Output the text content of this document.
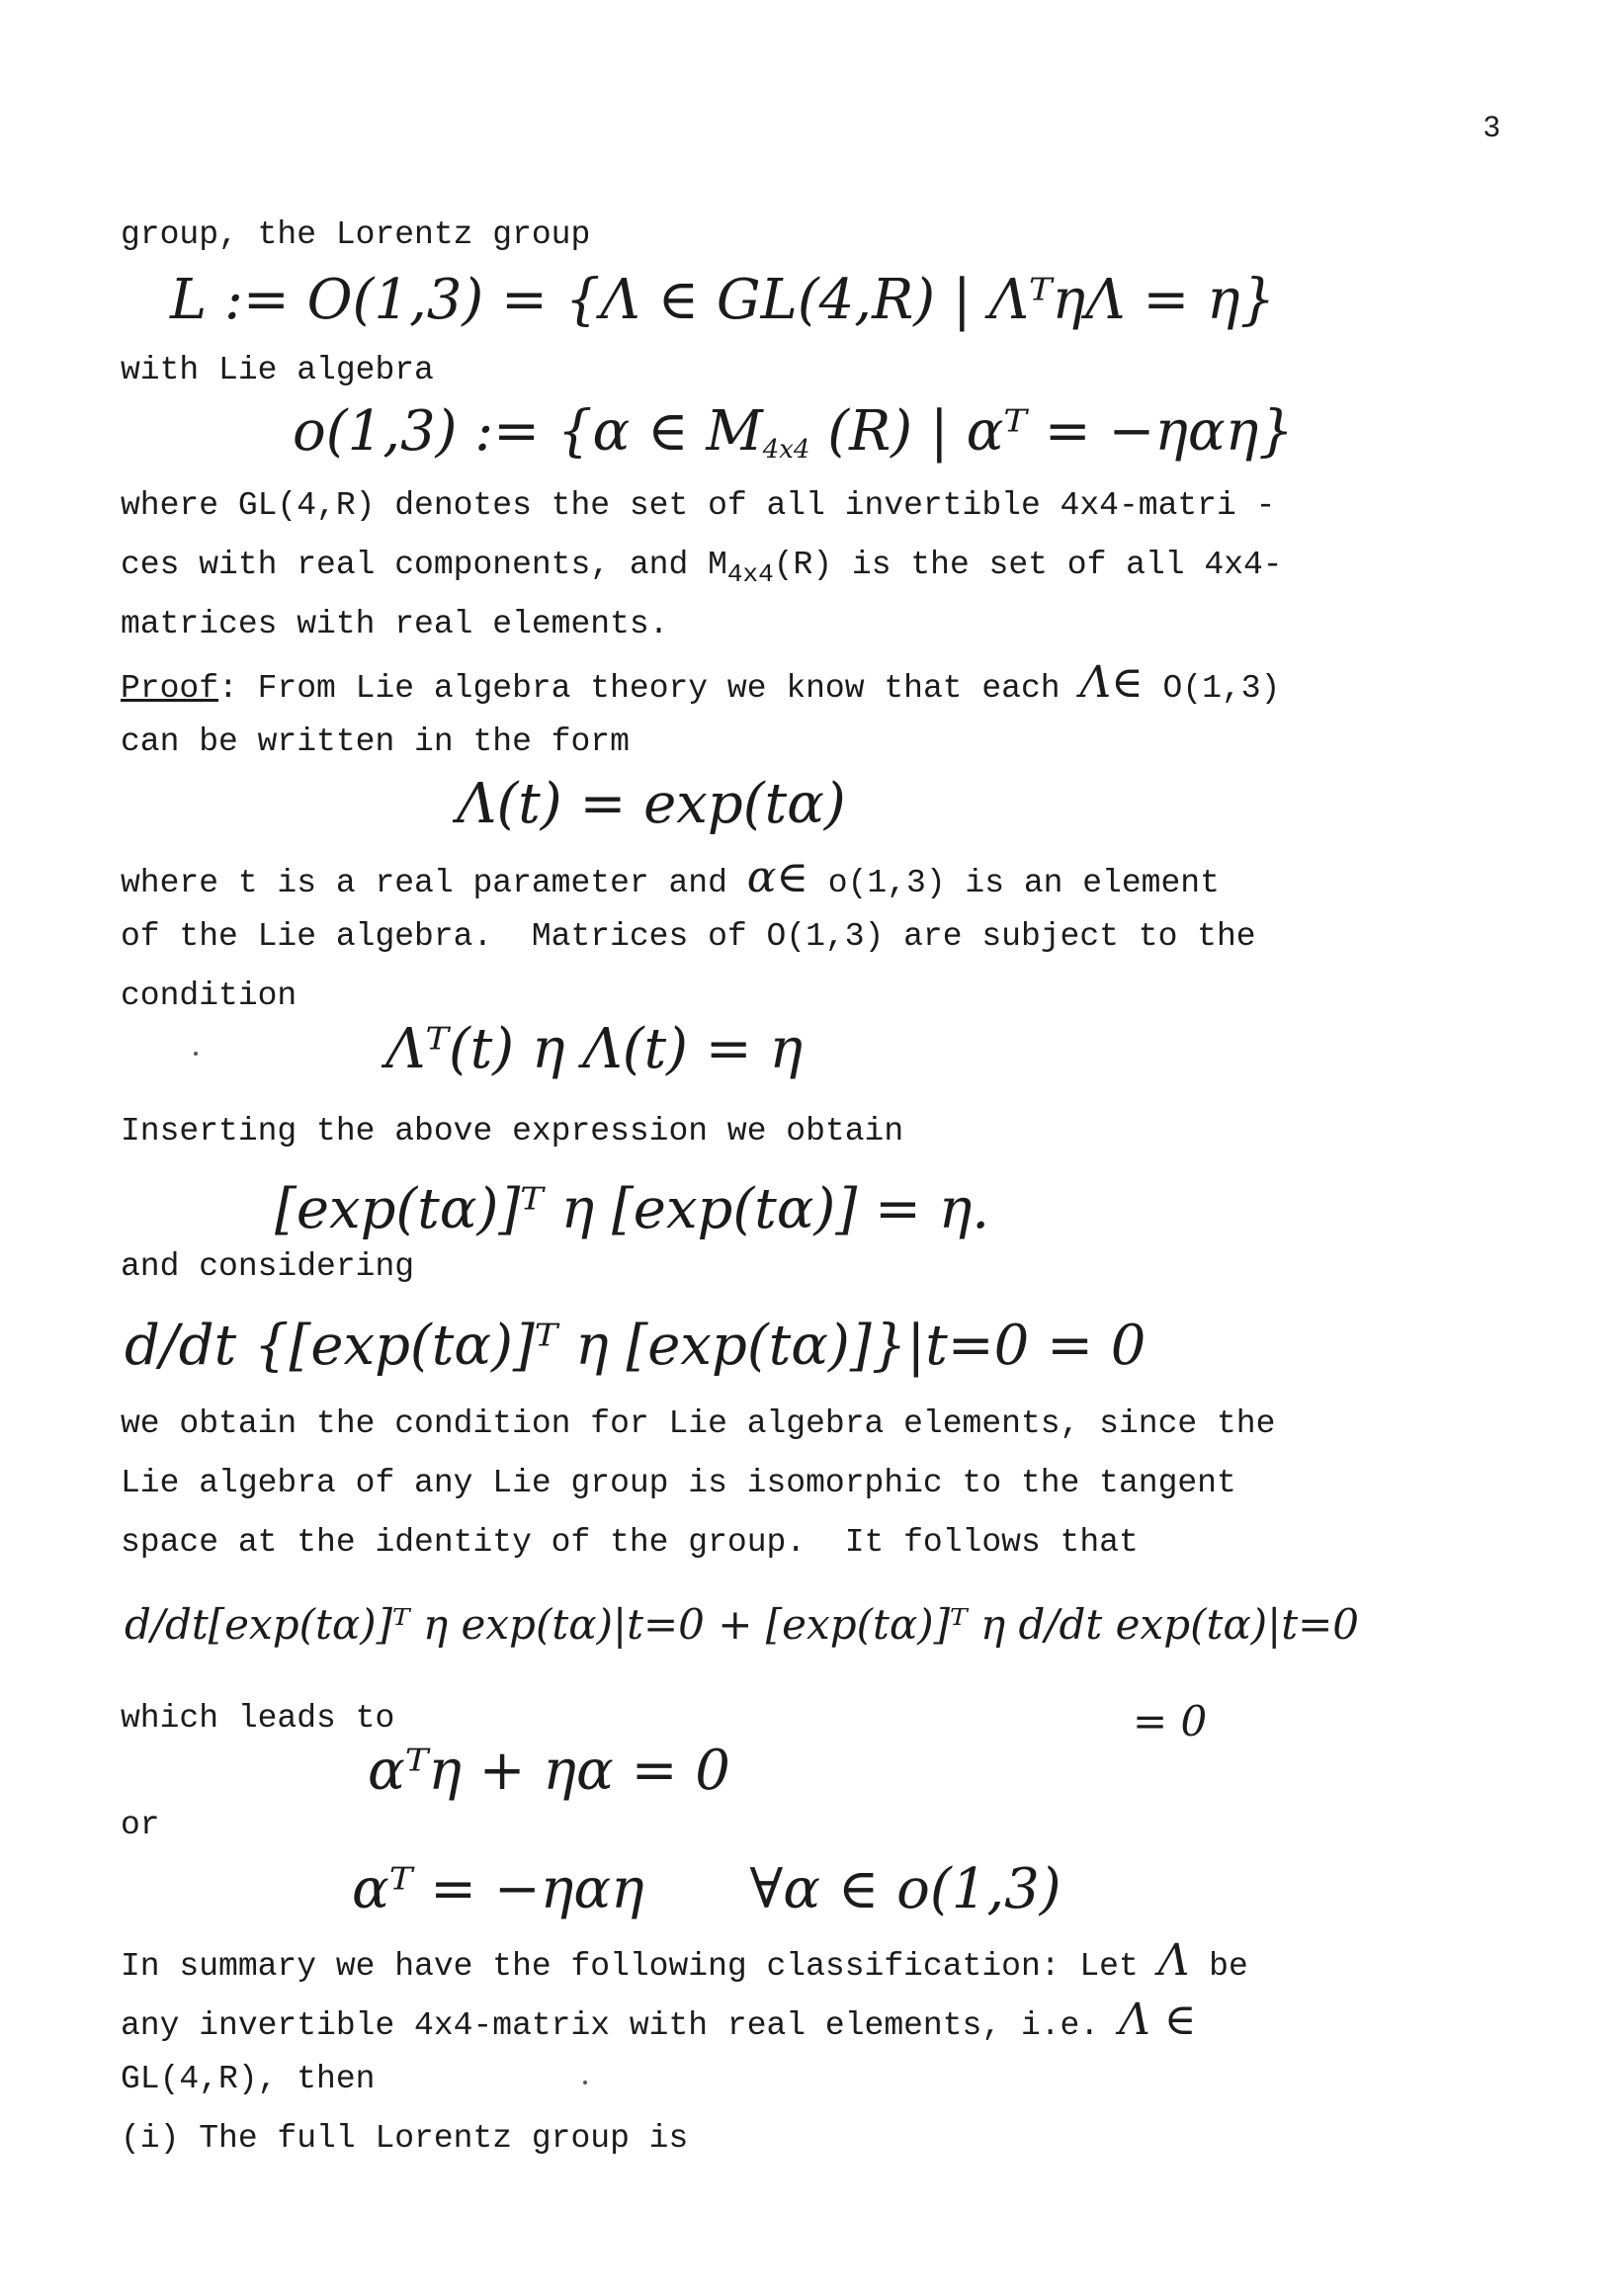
3
group, the Lorentz group
L := O(1,3) = {Λ ∈ GL(4,R) | ΛᵀηΛ = η}
with Lie algebra
o(1,3) := {α ∈ $M_{4x4}$ (R) | αᵀ = −ηαη}
where GL(4,R) denotes the set of all invertible 4x4-matri -
ces with real components, and $M_{4x4}(R)$ is the set of all 4x4-
matrices with real elements.
Proof: From Lie algebra theory we know that each Λ∈ O(1,3)
can be written in the form
Λ(t) = exp(tα)
where t is a real parameter and α∈ o(1,3) is an element
of the Lie algebra.  Matrices of O(1,3) are subject to the
condition
Λᵀ(t) η Λ(t) = η
Inserting the above expression we obtain
[exp(tα)]ᵀ η [exp(tα)] = η.
and considering
d/dt {[exp(tα)]ᵀ η [exp(tα)]}|t=0 = 0
we obtain the condition for Lie algebra elements, since the
Lie algebra of any Lie group is isomorphic to the tangent
space at the identity of the group.  It follows that
d/dt[exp(tα)]ᵀ η exp(tα)|t=0 + [exp(tα)]ᵀ η d/dt exp(tα)|t=0
which leads to	= 0
αᵀη + ηα = 0
or
αᵀ = −ηαη      ∀α ∈ o(1,3)
In summary we have the following classification: Let Λ be
any invertible 4x4-matrix with real elements, i.e. Λ ∈
GL(4,R), then
(i) The full Lorentz group is
